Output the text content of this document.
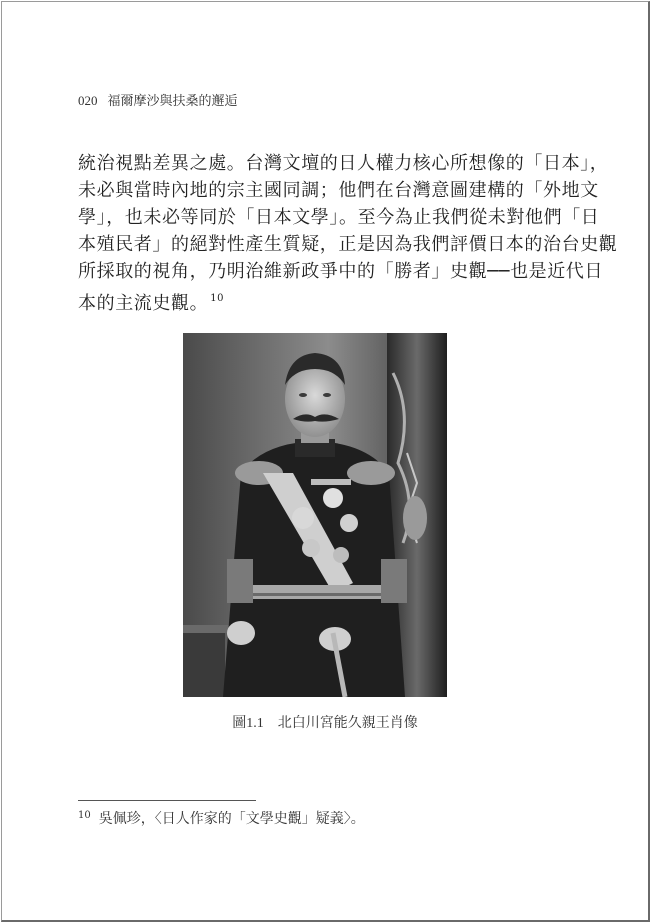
020 福爾摩沙與扶桑的邂逅
統治視點差異之處。台灣文壇的日人權力核心所想像的「日本」，
未必與當時內地的宗主國同調；他們在台灣意圖建構的「外地文
學」，也未必等同於「日本文學」。至今為止我們從未對他們「日
本殖民者」的絕對性產生質疑，正是因為我們評價日本的治台史觀
所採取的視角，乃明治維新政爭中的「勝者」史觀──也是近代日
本的主流史觀。 $^{10}$
圖1.1 北白川宮能久親王肖像
$^{10}$ 吳佩珍，〈日人作家的「文學史觀」疑義〉。
